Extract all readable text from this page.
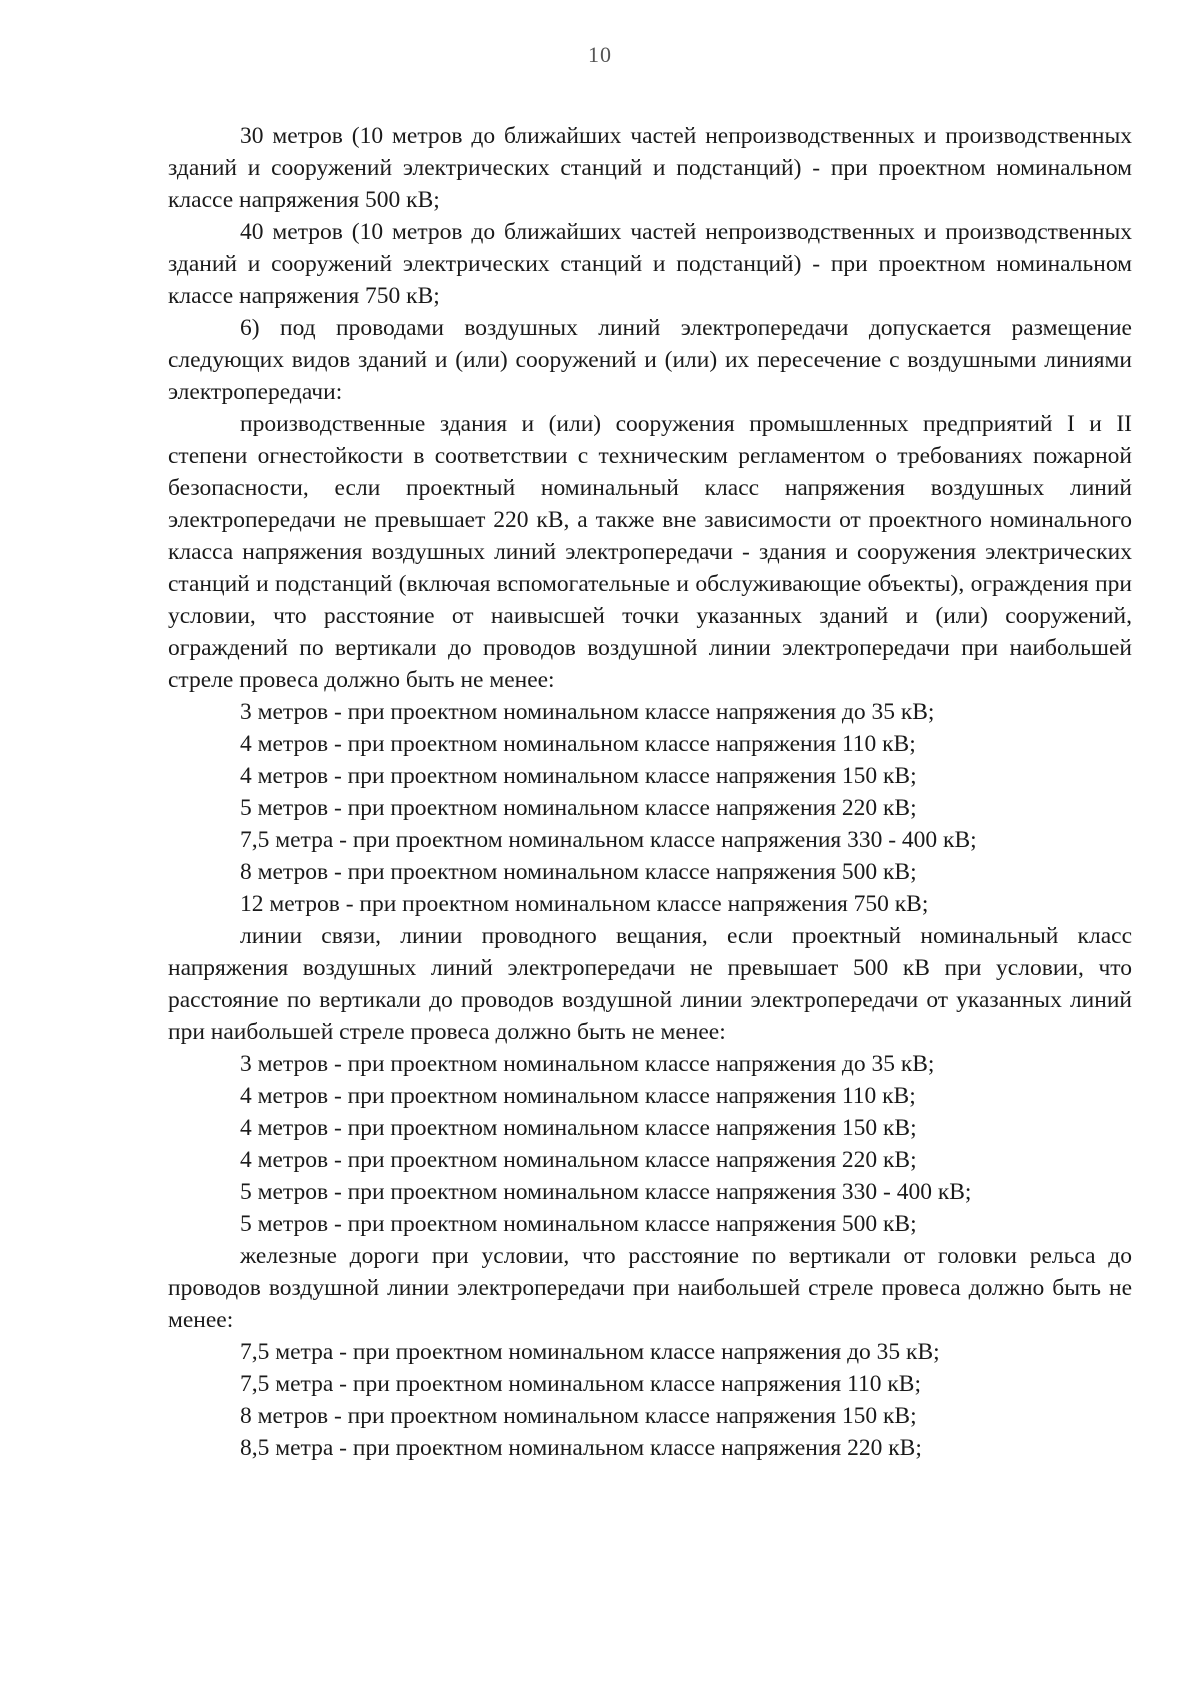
10

30 метров (10 метров до ближайших частей непроизводственных и производственных зданий и сооружений электрических станций и подстанций) - при проектном номинальном классе напряжения 500 кВ;

40 метров (10 метров до ближайших частей непроизводственных и производственных зданий и сооружений электрических станций и подстанций) - при проектном номинальном классе напряжения 750 кВ;

6) под проводами воздушных линий электропередачи допускается размещение следующих видов зданий и (или) сооружений и (или) их пересечение с воздушными линиями электропередачи:

производственные здания и (или) сооружения промышленных предприятий I и II степени огнестойкости в соответствии с техническим регламентом о требованиях пожарной безопасности, если проектный номинальный класс напряжения воздушных линий электропередачи не превышает 220 кВ, а также вне зависимости от проектного номинального класса напряжения воздушных линий электропередачи - здания и сооружения электрических станций и подстанций (включая вспомогательные и обслуживающие объекты), ограждения при условии, что расстояние от наивысшей точки указанных зданий и (или) сооружений, ограждений по вертикали до проводов воздушной линии электропередачи при наибольшей стреле провеса должно быть не менее:

3 метров - при проектном номинальном классе напряжения до 35 кВ;
4 метров - при проектном номинальном классе напряжения 110 кВ;
4 метров - при проектном номинальном классе напряжения 150 кВ;
5 метров - при проектном номинальном классе напряжения 220 кВ;
7,5 метра - при проектном номинальном классе напряжения 330 - 400 кВ;
8 метров - при проектном номинальном классе напряжения 500 кВ;
12 метров - при проектном номинальном классе напряжения 750 кВ;

линии связи, линии проводного вещания, если проектный номинальный класс напряжения воздушных линий электропередачи не превышает 500 кВ при условии, что расстояние по вертикали до проводов воздушной линии электропередачи от указанных линий при наибольшей стреле провеса должно быть не менее:

3 метров - при проектном номинальном классе напряжения до 35 кВ;
4 метров - при проектном номинальном классе напряжения 110 кВ;
4 метров - при проектном номинальном классе напряжения 150 кВ;
4 метров - при проектном номинальном классе напряжения 220 кВ;
5 метров - при проектном номинальном классе напряжения 330 - 400 кВ;
5 метров - при проектном номинальном классе напряжения 500 кВ;

железные дороги при условии, что расстояние по вертикали от головки рельса до проводов воздушной линии электропередачи при наибольшей стреле провеса должно быть не менее:

7,5 метра - при проектном номинальном классе напряжения до 35 кВ;
7,5 метра - при проектном номинальном классе напряжения 110 кВ;
8 метров - при проектном номинальном классе напряжения 150 кВ;
8,5 метра - при проектном номинальном классе напряжения 220 кВ;
